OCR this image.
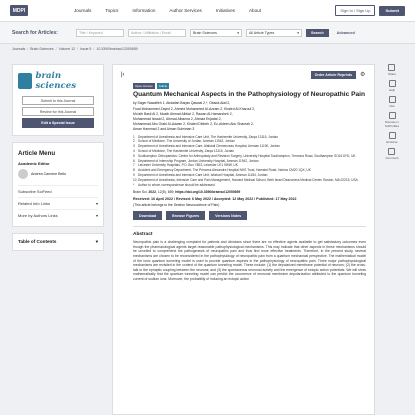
MDPI	Journals	Topics	Information	Author Services	Initiatives	About	Sign In / Sign Up	Submit
Search for Articles:	Title / Keyword	Author / Affiliation / Email	Brain Sciences	▾	All Article Types	▾	Search	Advanced
Journals / Brain Sciences / Volume 12 / Issue 5 / 10.3390/brainsci12050659
brain sciences
Submit to this Journal
Review for this Journal
Edit a Special Issue
Article Menu
Academic Editor
Andrea Carmine Belin
Subscribe SciFeed
Related Info Links	▾
More by Authors Links	▾
Table of Contents	▾
|‹	Order Article Reprints	⚙
Open Access	Article
Quantum Mechanical Aspects in the Pathophysiology of Neuropathic Pain
by Sager Nawafleh 1, Abdallah Barjas Qaswal 2,*, Obada Alali 2,
Fuad Mohammed Zayed 2, Ahmed Mohammed Al-Azzam 2, Khaled Al-Kharouf 2,
Mo'ath Basil Al 2, Moath Ahmad Albliwi 2, Rawan Al-Hamarsheh 2,
Mohammad Iswaid 2, Ahmad Albanna 2, Ahmad Enjadat 2,
Mohammad Abu Orabi Al-Adwan 2, Khaled Dibbeh 2, Ez-Aldeen Abu Shareah 2,
Aman Hammad 2 and Aiman Suleiman 3
1	Department of Anesthesia and Intensive Care Unit, The Hashemite University, Zarqa 13115, Jordan
2	School of Medicine, The University of Jordan, Amman 11942, Jordan
3	Department of Anesthesia and Intensive Care, Alabdali Clemenceau Hospital, Amman 11190, Jordan
4	School of Medicine, The Hashemite University, Zarqa 13115, Jordan
5	Southampton Orthopaedics: Centre for Arthroplasty and Revision Surgery, University Hospital Southampton, Tremona Road, Southampton SO16 6YD, UK
6	Department of Internship Program, Jordan University Hospital, Amman 11942, Jordan
7	Leicester University Hospitals, P.O. Box 7853, Leicester LE1 9WW, UK
8	Accident and Emergency Department, The Princess Alexandra Hospital NHS Trust, Hamstel Road, Harlow CM20 1QX, UK
9	Department of Anesthesia and Intensive Care Unit, Istishari Hospital, Amman 11184, Jordan
10 Department of Anesthesia, Intensive Care and Pain Management, Harvard Medical School, Beth Israel Deaconess Medical Center, Boston, MA 02215, USA
*	Author to whom correspondence should be addressed.
Brain Sci. 2022, 12(5), 659; https://doi.org/10.3390/brainsci12050659
Received: 16 April 2022 / Revised: 6 May 2022 / Accepted: 12 May 2022 / Published: 17 May 2022
(This article belongs to the Section Neuroscience of Pain)
Download	Browse Figures	Versions Notes
Abstract
Neuropathic pain is a challenging complaint for patients and clinicians since there are no effective agents available to get satisfactory outcomes even though the pharmacological agents target reasonable pathophysiological mechanisms. This may indicate that other aspects in these mechanisms should be unveiled to comprehend the pathogenesis of neuropathic pain and thus find more effective treatments. Therefore, in the present study, several mechanisms are chosen to be reconsidered in the pathophysiology of neuropathic pain from a quantum mechanical perspective. The mathematical model of the ionic quantum tunneling model is used to provide quantum aspects in the pathophysiology of neuropathic pain. Three major pathophysiological mechanisms are revisited in the context of the quantum tunneling model. These include: (1) the depolarized membrane potential of neurons; (2) the cross-talk or the ephaptic coupling between the neurons; and (3) the spontaneous neuronal activity and the emergence of ectopic action potentials. We will show mathematically that the quantum tunneling model can predict the occurrence of neuronal membrane depolarization attributed to the quantum tunneling current of sodium ions. Moreover, the probability of inducing an ectopic action
Share
Help
Cite
Discuss in SciProfiles
Endorse
Comment
